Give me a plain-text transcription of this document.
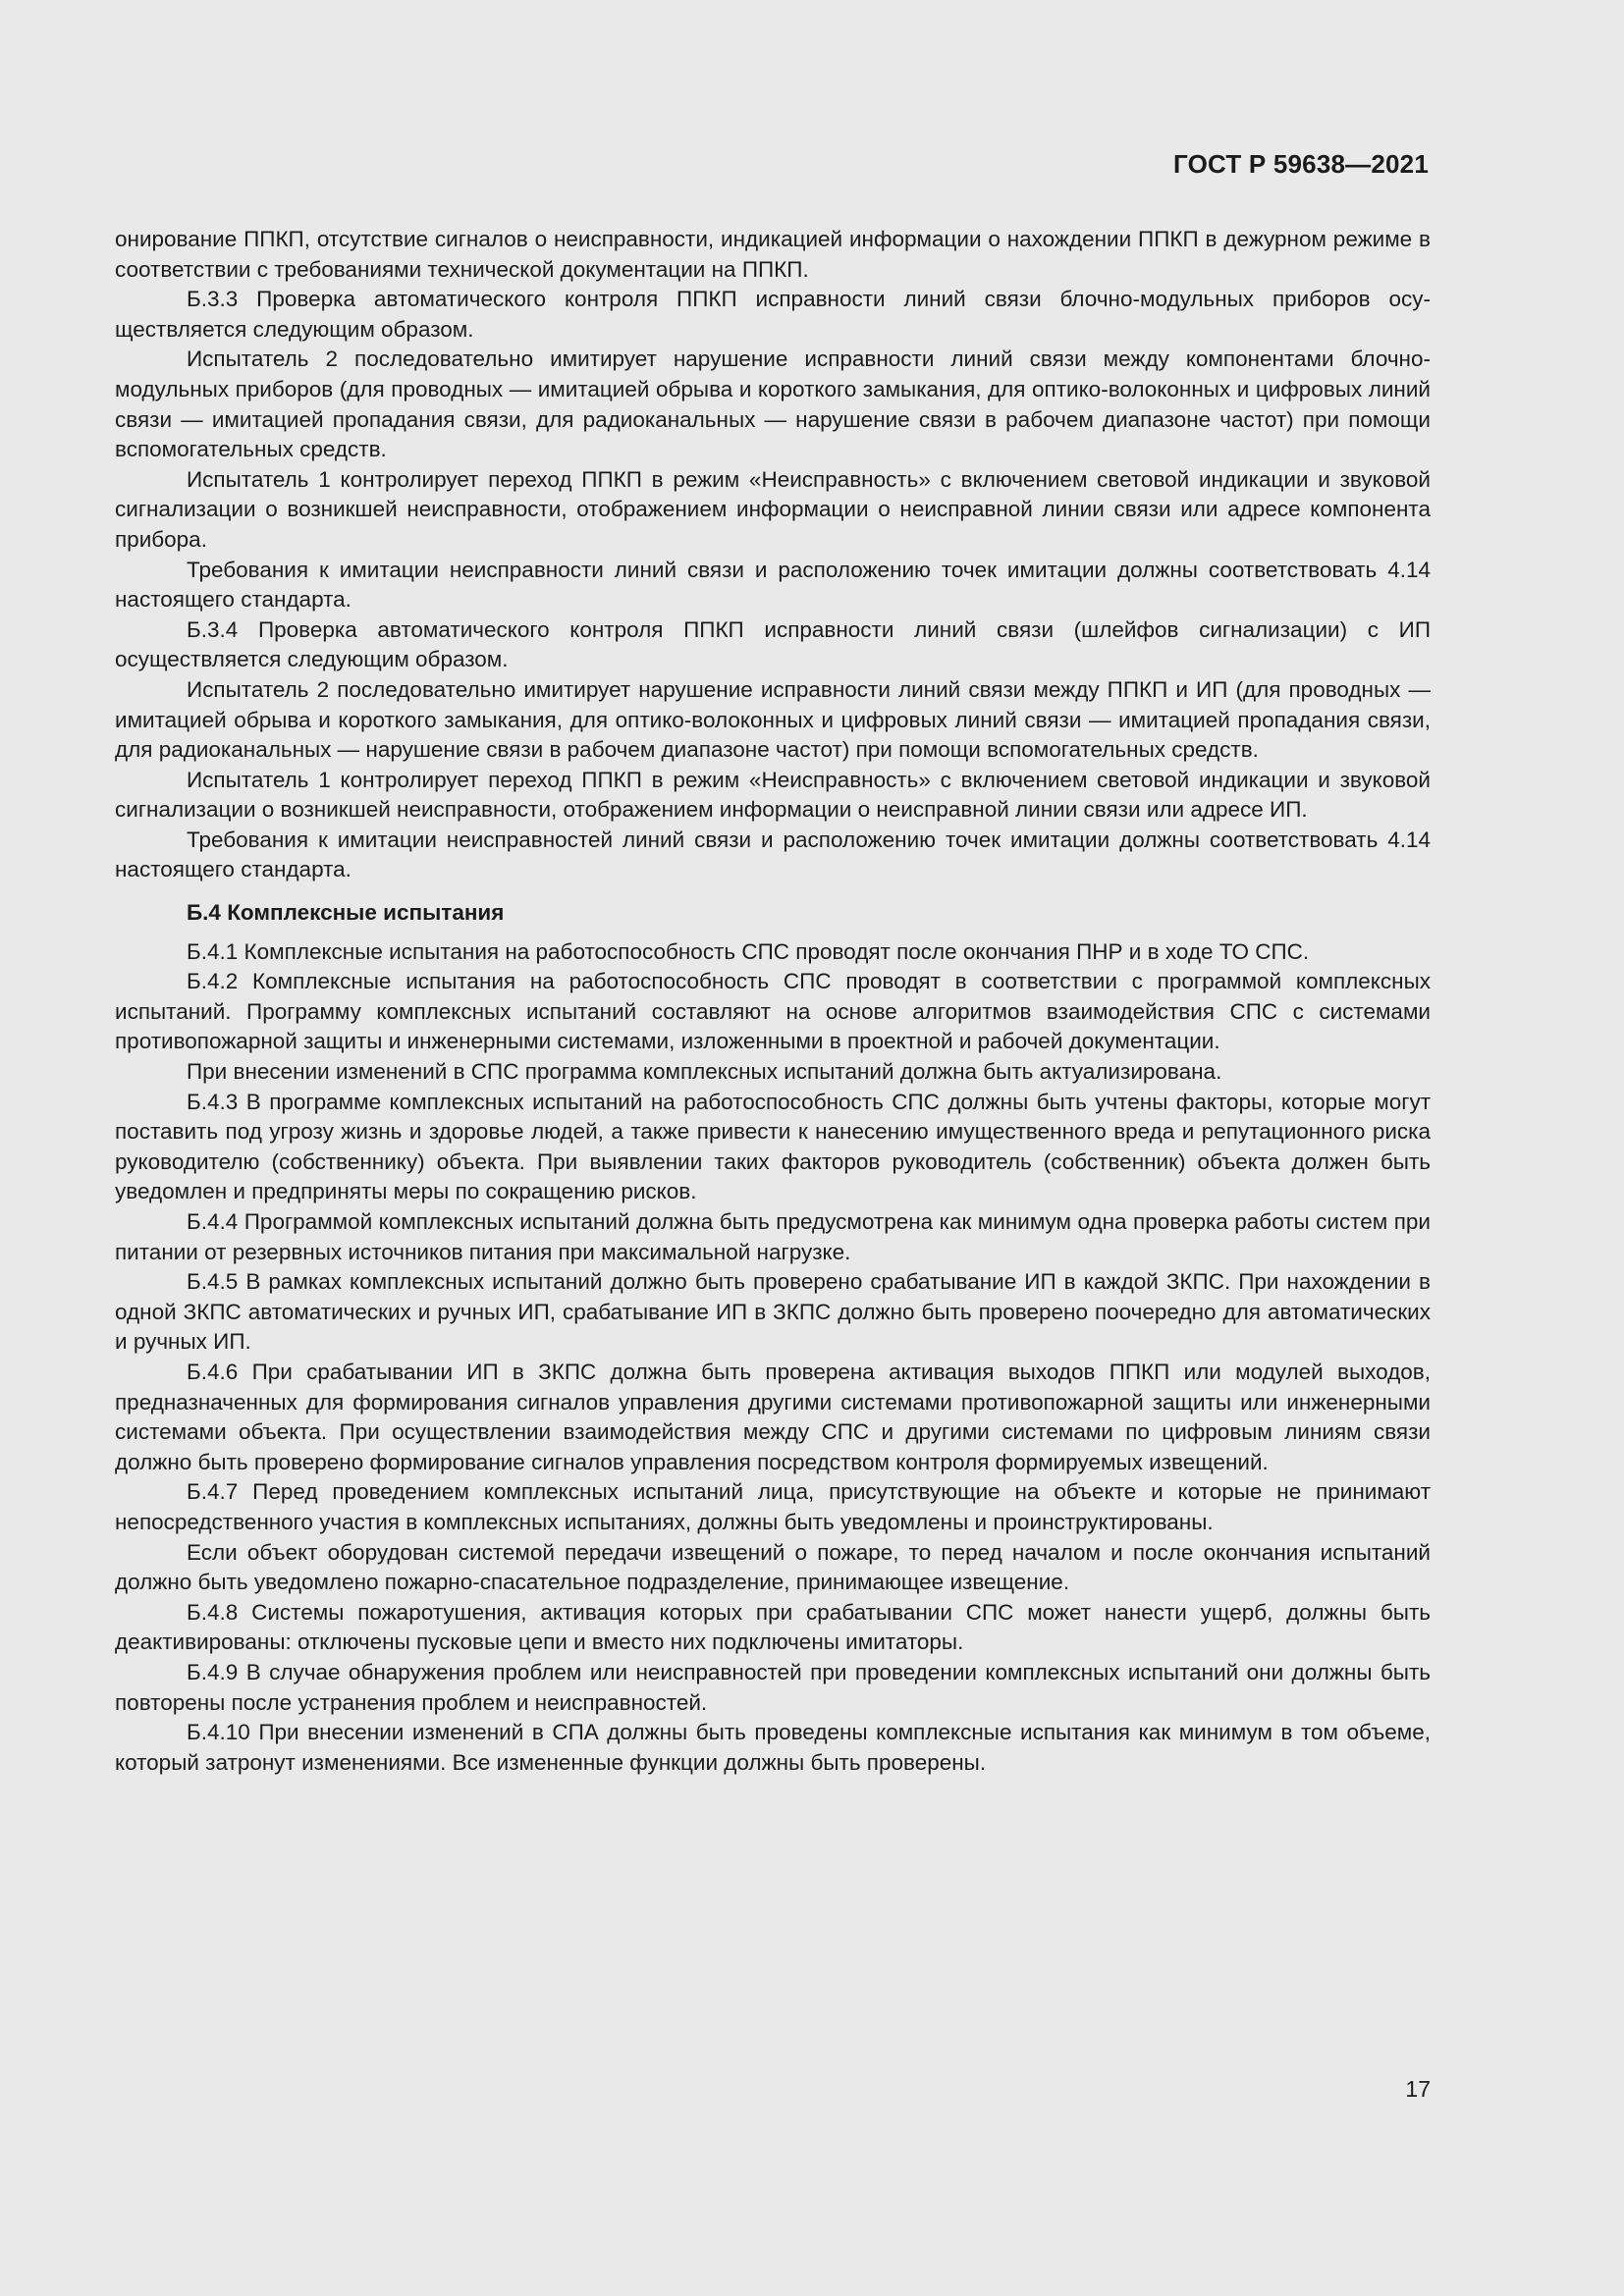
ГОСТ Р 59638—2021

онирование ППКП, отсутствие сигналов о неисправности, индикацией информации о нахождении ППКП в дежурном режиме в соответствии с требованиями технической документации на ППКП.

Б.3.3 Проверка автоматического контроля ППКП исправности линий связи блочно-модульных приборов осуществляется следующим образом.

Испытатель 2 последовательно имитирует нарушение исправности линий связи между компонентами блочно-модульных приборов (для проводных — имитацией обрыва и короткого замыкания, для оптико-волоконных и цифровых линий связи — имитацией пропадания связи, для радиоканальных — нарушение связи в рабочем диапазоне частот) при помощи вспомогательных средств.

Испытатель 1 контролирует переход ППКП в режим «Неисправность» с включением световой индикации и звуковой сигнализации о возникшей неисправности, отображением информации о неисправной линии связи или адресе компонента прибора.

Требования к имитации неисправности линий связи и расположению точек имитации должны соответствовать 4.14 настоящего стандарта.

Б.3.4 Проверка автоматического контроля ППКП исправности линий связи (шлейфов сигнализации) с ИП осуществляется следующим образом.

Испытатель 2 последовательно имитирует нарушение исправности линий связи между ППКП и ИП (для проводных — имитацией обрыва и короткого замыкания, для оптико-волоконных и цифровых линий связи — имитацией пропадания связи, для радиоканальных — нарушение связи в рабочем диапазоне частот) при помощи вспомогательных средств.

Испытатель 1 контролирует переход ППКП в режим «Неисправность» с включением световой индикации и звуковой сигнализации о возникшей неисправности, отображением информации о неисправной линии связи или адресе ИП.

Требования к имитации неисправностей линий связи и расположению точек имитации должны соответствовать 4.14 настоящего стандарта.

Б.4 Комплексные испытания

Б.4.1 Комплексные испытания на работоспособность СПС проводят после окончания ПНР и в ходе ТО СПС.

Б.4.2 Комплексные испытания на работоспособность СПС проводят в соответствии с программой комплексных испытаний. Программу комплексных испытаний составляют на основе алгоритмов взаимодействия СПС с системами противопожарной защиты и инженерными системами, изложенными в проектной и рабочей документации.

При внесении изменений в СПС программа комплексных испытаний должна быть актуализирована.

Б.4.3 В программе комплексных испытаний на работоспособность СПС должны быть учтены факторы, которые могут поставить под угрозу жизнь и здоровье людей, а также привести к нанесению имущественного вреда и репутационного риска руководителю (собственнику) объекта. При выявлении таких факторов руководитель (собственник) объекта должен быть уведомлен и предприняты меры по сокращению рисков.

Б.4.4 Программой комплексных испытаний должна быть предусмотрена как минимум одна проверка работы систем при питании от резервных источников питания при максимальной нагрузке.

Б.4.5 В рамках комплексных испытаний должно быть проверено срабатывание ИП в каждой ЗКПС. При нахождении в одной ЗКПС автоматических и ручных ИП, срабатывание ИП в ЗКПС должно быть проверено поочередно для автоматических и ручных ИП.

Б.4.6 При срабатывании ИП в ЗКПС должна быть проверена активация выходов ППКП или модулей выходов, предназначенных для формирования сигналов управления другими системами противопожарной защиты или инженерными системами объекта. При осуществлении взаимодействия между СПС и другими системами по цифровым линиям связи должно быть проверено формирование сигналов управления посредством контроля формируемых извещений.

Б.4.7 Перед проведением комплексных испытаний лица, присутствующие на объекте и которые не принимают непосредственного участия в комплексных испытаниях, должны быть уведомлены и проинструктированы.

Если объект оборудован системой передачи извещений о пожаре, то перед началом и после окончания испытаний должно быть уведомлено пожарно-спасательное подразделение, принимающее извещение.

Б.4.8 Системы пожаротушения, активация которых при срабатывании СПС может нанести ущерб, должны быть деактивированы: отключены пусковые цепи и вместо них подключены имитаторы.

Б.4.9 В случае обнаружения проблем или неисправностей при проведении комплексных испытаний они должны быть повторены после устранения проблем и неисправностей.

Б.4.10 При внесении изменений в СПА должны быть проведены комплексные испытания как минимум в том объеме, который затронут изменениями. Все измененные функции должны быть проверены.

17
